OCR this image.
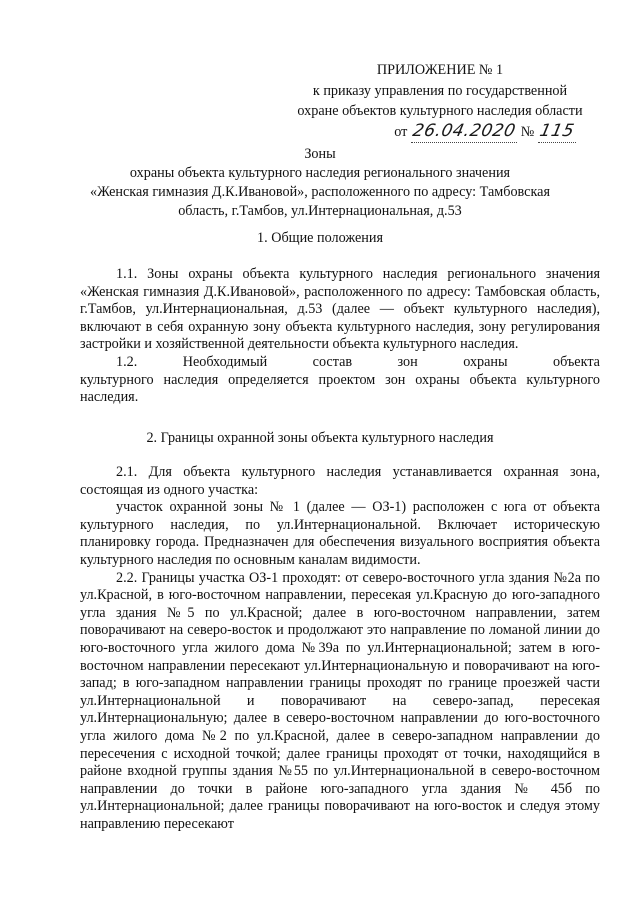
ПРИЛОЖЕНИЕ № 1
к приказу управления по государственной
охране объектов культурного наследия области
от 26.04.2020 № 115
Зоны
охраны объекта культурного наследия регионального значения
«Женская гимназия Д.К.Ивановой», расположенного по адресу: Тамбовская
область, г.Тамбов, ул.Интернациональная, д.53
1. Общие положения

1.1. Зоны охраны объекта культурного наследия регионального значения «Женская гимназия Д.К.Ивановой», расположенного по адресу: Тамбовская область, г.Тамбов, ул.Интернациональная, д.53 (далее — объект культурного наследия), включают в себя охранную зону объекта культурного наследия, зону регулирования застройки и хозяйственной деятельности объекта культурного наследия.

1.2.	Необходимый	состав	зон	охраны	объекта
культурного наследия определяется проектом зон охраны объекта культурного наследия.
2. Границы охранной зоны объекта культурного наследия

2.1. Для объекта культурного наследия устанавливается охранная зона, состоящая из одного участка:

участок охранной зоны № 1 (далее — ОЗ-1) расположен с юга от объекта культурного наследия, по ул.Интернациональной. Включает историческую планировку города. Предназначен для обеспечения визуального восприятия объекта культурного наследия по основным каналам видимости.

2.2. Границы участка ОЗ-1 проходят: от северо-восточного угла здания №2а по ул.Красной, в юго-восточном направлении, пересекая ул.Красную до юго-западного угла здания №5 по ул.Красной; далее в юго-восточном направлении, затем поворачивают на северо-восток и продолжают это направление по ломаной линии до юго-восточного угла жилого дома №39а по ул.Интернациональной; затем в юго-восточном направлении пересекают ул.Интернациональную и поворачивают на юго-запад; в юго-западном направлении границы проходят по границе проезжей части ул.Интернациональной и поворачивают на северо-запад, пересекая ул.Интернациональную; далее в северо-восточном направлении до юго-восточного угла жилого дома №2 по ул.Красной, далее в северо-западном направлении до пересечения с исходной точкой; далее границы проходят от точки, находящийся в районе входной группы здания №55 по ул.Интернациональной в северо-восточном направлении до точки в районе юго-западного угла здания № 45б по ул.Интернациональной; далее границы поворачивают на юго-восток и следуя этому направлению пересекают
